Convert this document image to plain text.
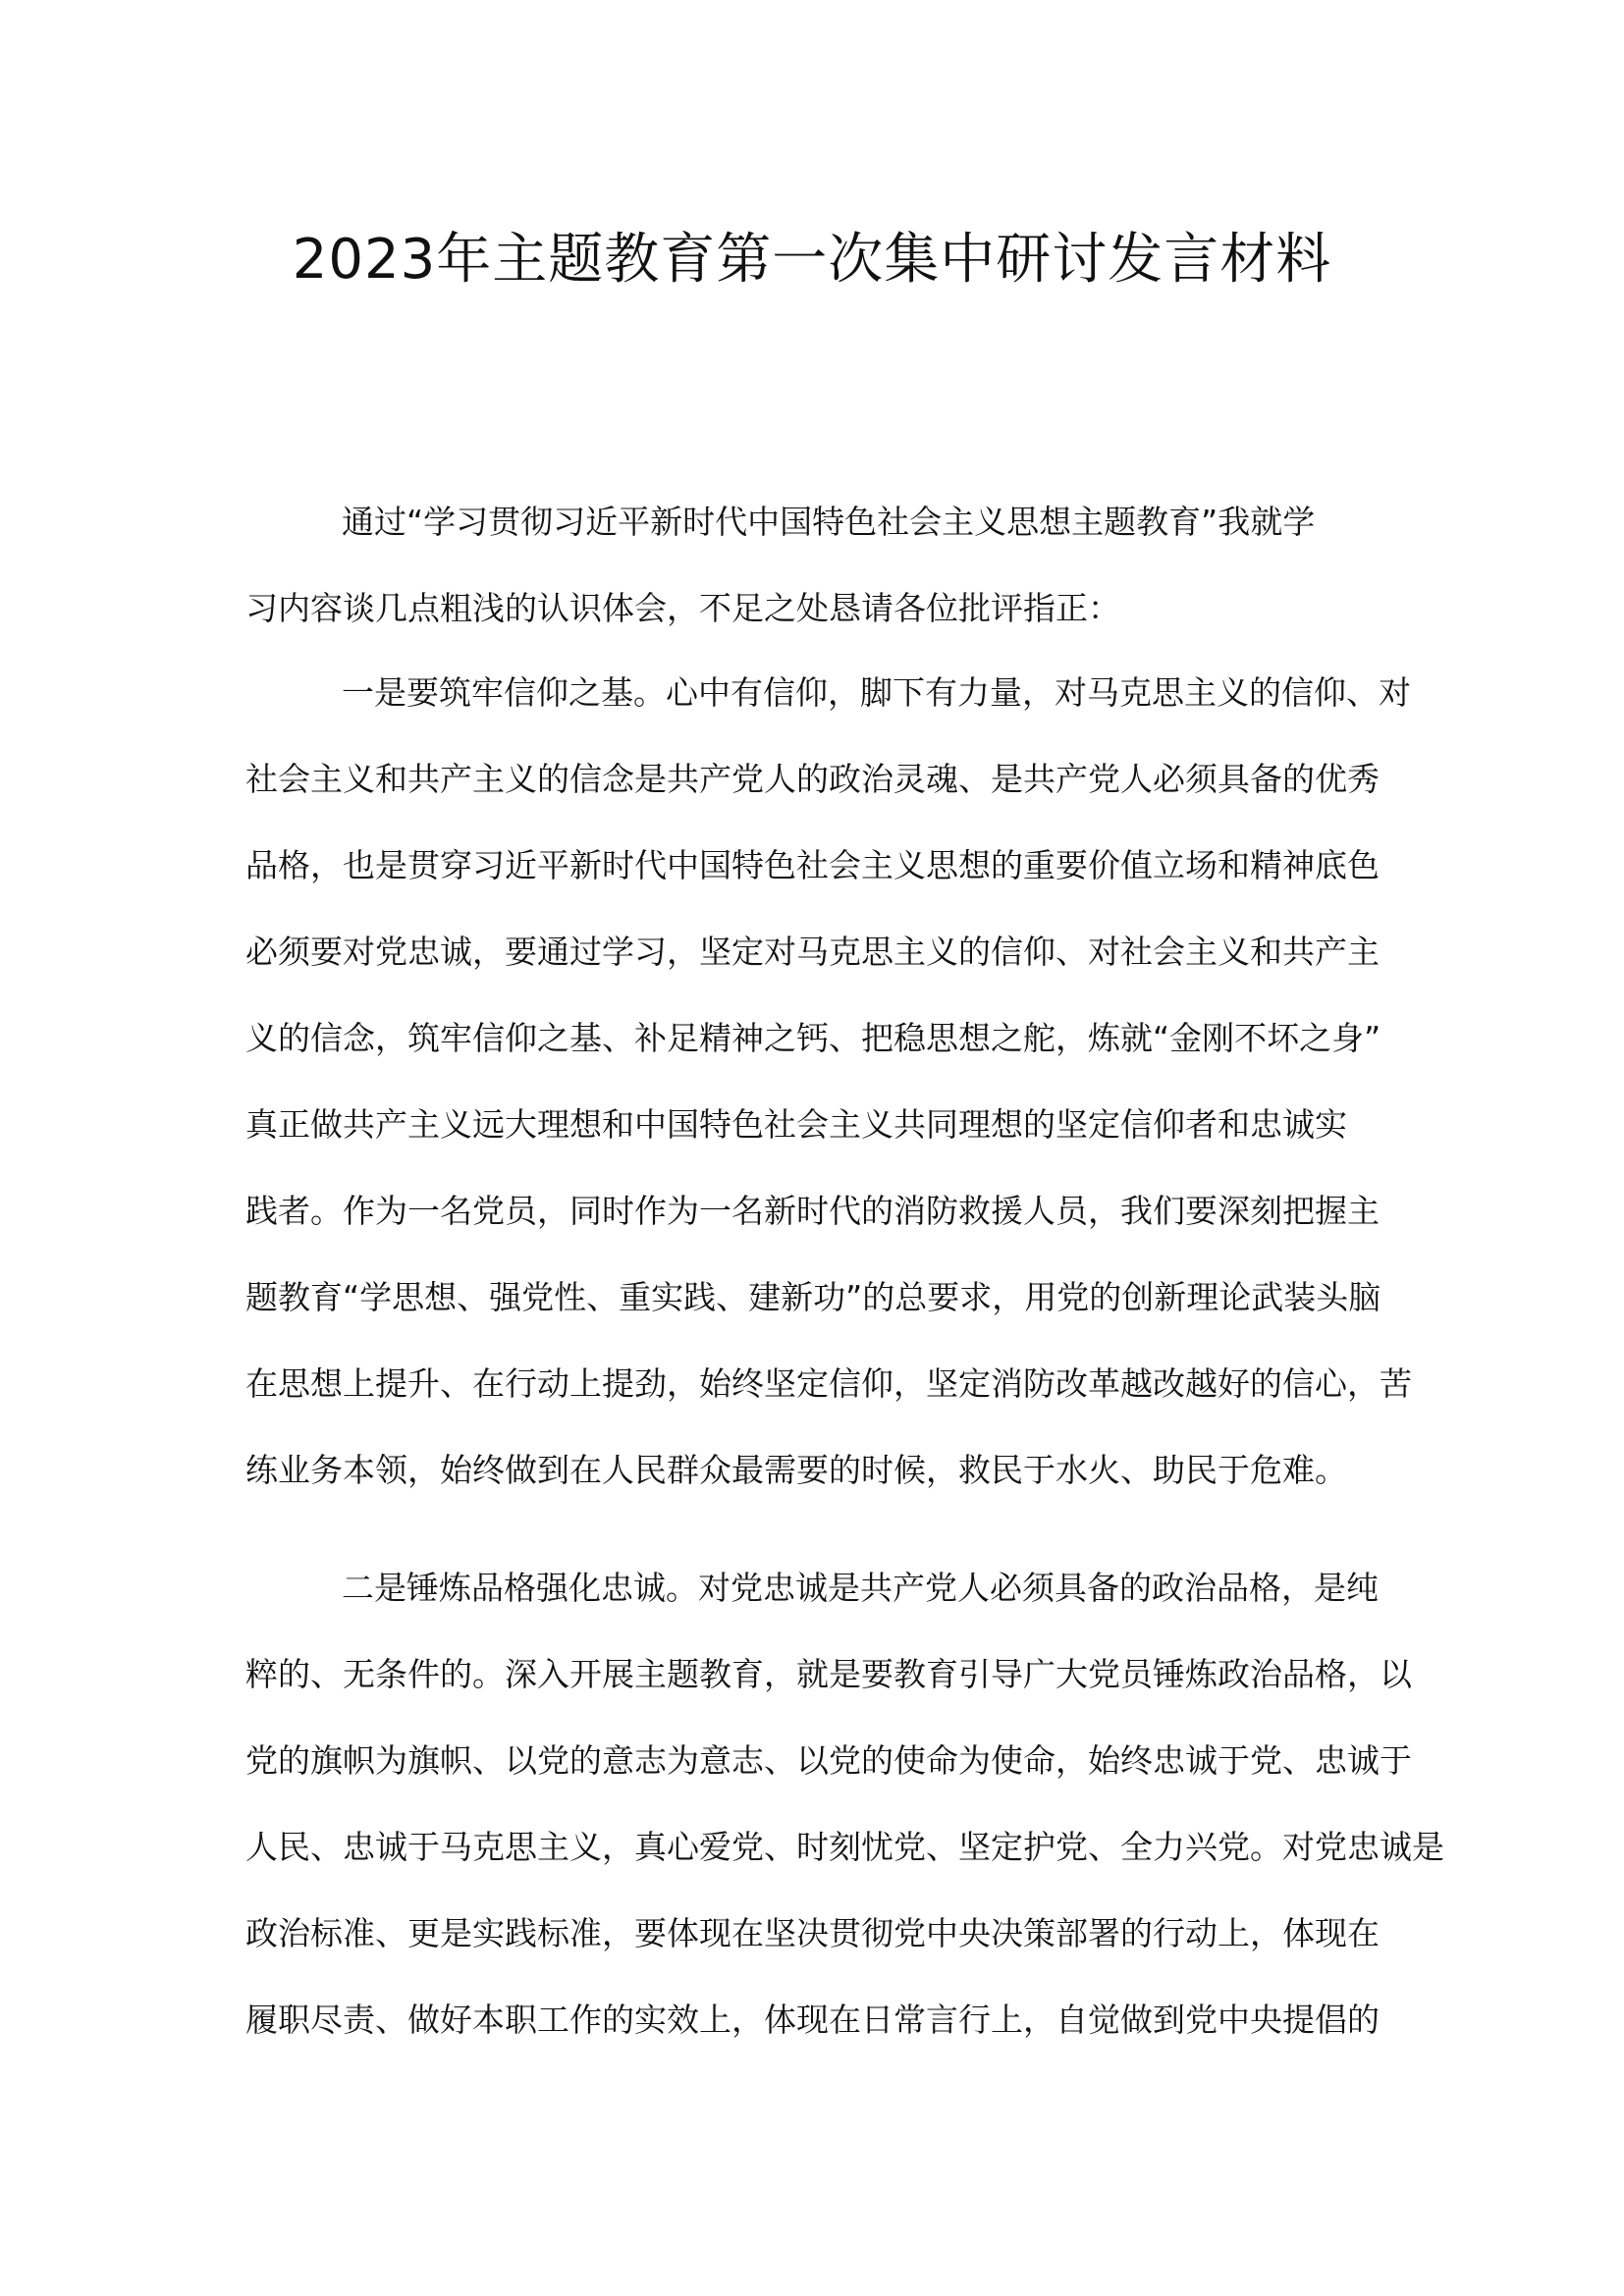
2023年主题教育第一次集中研讨发言材料
通过“学习贯彻习近平新时代中国特色社会主义思想主题教育”我就学
习内容谈几点粗浅的认识体会，不足之处恳请各位批评指正：
一是要筑牢信仰之基。心中有信仰，脚下有力量，对马克思主义的信仰、对
社会主义和共产主义的信念是共产党人的政治灵魂、是共产党人必须具备的优秀
品格，也是贯穿习近平新时代中国特色社会主义思想的重要价值立场和精神底色
必须要对党忠诚，要通过学习，坚定对马克思主义的信仰、对社会主义和共产主
义的信念，筑牢信仰之基、补足精神之钙、把稳思想之舵，炼就“金刚不坏之身”
真正做共产主义远大理想和中国特色社会主义共同理想的坚定信仰者和忠诚实
践者。作为一名党员，同时作为一名新时代的消防救援人员，我们要深刻把握主
题教育“学思想、强党性、重实践、建新功”的总要求，用党的创新理论武装头脑
在思想上提升、在行动上提劲，始终坚定信仰，坚定消防改革越改越好的信心，苦
练业务本领，始终做到在人民群众最需要的时候，救民于水火、助民于危难。
二是锤炼品格强化忠诚。对党忠诚是共产党人必须具备的政治品格，是纯
粹的、无条件的。深入开展主题教育，就是要教育引导广大党员锤炼政治品格，以
党的旗帜为旗帜、以党的意志为意志、以党的使命为使命，始终忠诚于党、忠诚于
人民、忠诚于马克思主义，真心爱党、时刻忧党、坚定护党、全力兴党。对党忠诚是
政治标准、更是实践标准，要体现在坚决贯彻党中央决策部署的行动上，体现在
履职尽责、做好本职工作的实效上，体现在日常言行上，自觉做到党中央提倡的
